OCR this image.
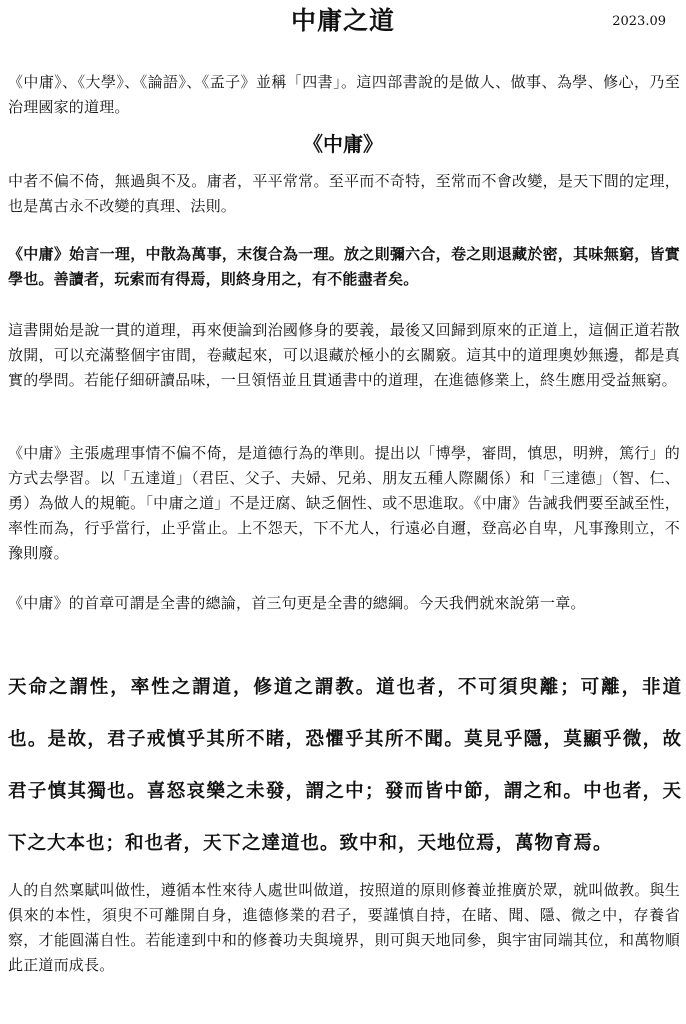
中庸之道	2023.09

《中庸》、《大學》、《論語》、《孟子》並稱「四書」。這四部書說的是做人、做事、為學、修心，乃至治理國家的道理。

《中庸》

中者不偏不倚，無過與不及。庸者，平平常常。至平而不奇特，至常而不會改變，是天下間的定理，也是萬古永不改變的真理、法則。

《中庸》始言一理，中散為萬事，末復合為一理。放之則彌六合，卷之則退藏於密，其味無窮，皆實學也。善讀者，玩索而有得焉，則終身用之，有不能盡者矣。

這書開始是說一貫的道理，再來便論到治國修身的要義，最後又回歸到原來的正道上，這個正道若散放開，可以充滿整個宇宙間，卷藏起來，可以退藏於極小的玄關竅。這其中的道理奧妙無邊，都是真實的學問。若能仔細研讀品味，一旦領悟並且貫通書中的道理，在進德修業上，終生應用受益無窮。

《中庸》主張處理事情不偏不倚，是道德行為的準則。提出以「博學，審問，慎思，明辨，篤行」的方式去學習。以「五達道」（君臣、父子、夫婦、兄弟、朋友五種人際關係）和「三達德」（智、仁、勇）為做人的規範。「中庸之道」不是迂腐、缺乏個性、或不思進取。《中庸》告誡我們要至誠至性，率性而為，行乎當行，止乎當止。上不怨天，下不尤人，行遠必自邇，登高必自卑，凡事豫則立，不豫則廢。

《中庸》的首章可謂是全書的總論，首三句更是全書的總綱。今天我們就來說第一章。

天命之謂性，率性之謂道，修道之謂教。道也者，不可須臾離；可離，非道也。是故，君子戒慎乎其所不睹，恐懼乎其所不聞。莫見乎隱，莫顯乎微，故君子慎其獨也。喜怒哀樂之未發，謂之中；發而皆中節，謂之和。中也者，天下之大本也；和也者，天下之達道也。致中和，天地位焉，萬物育焉。

人的自然稟賦叫做性，遵循本性來待人處世叫做道，按照道的原則修養並推廣於眾，就叫做教。與生俱來的本性，須臾不可離開自身，進德修業的君子，要謹慎自持，在睹、聞、隱、微之中，存養省察，才能圓滿自性。若能達到中和的修養功夫與境界，則可與天地同參，與宇宙同端其位，和萬物順此正道而成長。
